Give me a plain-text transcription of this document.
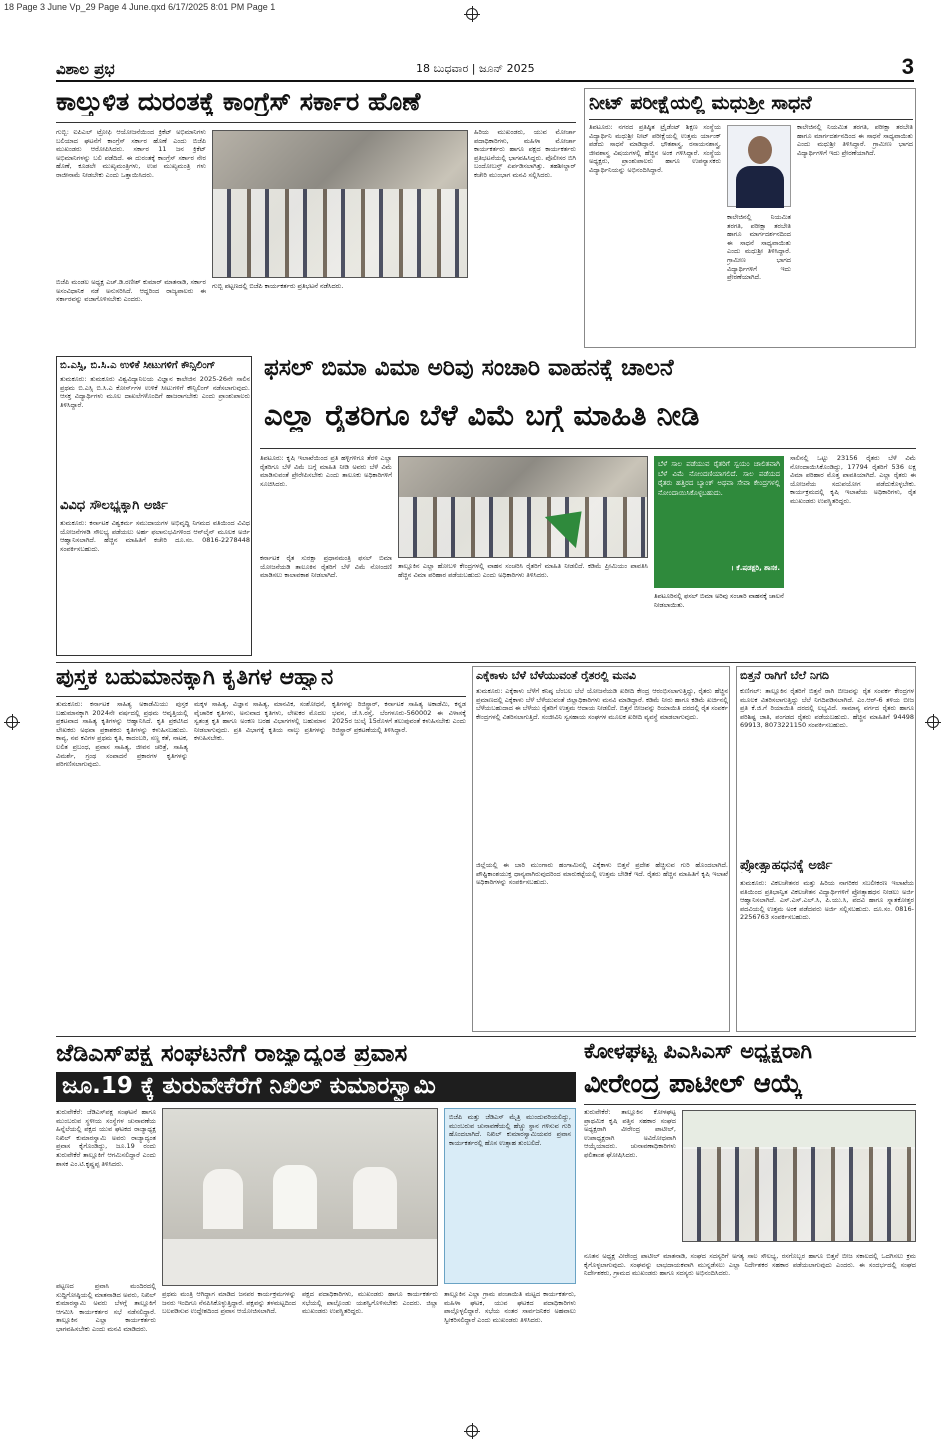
18 Page 3 June Vp_29 Page 4 June.qxd 6/17/2025 8:01 PM Page 1
ವಿಶಾಲ ಪ್ರಭ	18 ಬುಧವಾರ | ಜೂನ್ 2025	3
ಕಾಲ್ತುಳಿತ ದುರಂತಕ್ಕೆ ಕಾಂಗ್ರೆಸ್ ಸರ್ಕಾರ ಹೊಣೆ
ಗುಬ್ಬಿ: ಐಪಿಎಲ್ ಟ್ರೋಫಿ ಆಯೋಜನೆಯಿಂದ ಕ್ರಿಕೆಟ್ ಅಭಿಮಾನಿಗಳು ಬಲಿಯಾದ ಘಟನೆಗೆ ಕಾಂಗ್ರೆಸ್ ಸರ್ಕಾರ ಹೊಣೆ ಎಂದು ಬಿಜೆಪಿ ಮುಖಂಡರು ಆರೋಪಿಸಿದರು. ಸರ್ಕಾರ 11 ಜನ ಕ್ರಿಕೆಟ್ ಅಭಿಮಾನಿಗಳನ್ನು ಬಲಿ ಪಡೆದಿದೆ. ಈ ದುರಂತಕ್ಕೆ ಕಾಂಗ್ರೆಸ್ ಸರ್ಕಾರ ನೇರ ಹೊಣೆ, ಕೂಡಲೇ ಮುಖ್ಯಮಂತ್ರಿಗಳು, ಉಪ ಮುಖ್ಯಮಂತ್ರಿ ಗಳು ರಾಜೀನಾಮೆ ನೀಡಬೇಕು ಎಂದು ಒತ್ತಾಯಿಸಿದರು.
ಬಿಜೆಪಿ ಮಂಡಲ ಅಧ್ಯಕ್ಷ ಎಚ್.ಡಿ.ರಣೀಶ್ ಕುಮಾರ್ ಮಾತನಾಡಿ, ಸರ್ಕಾರ ಅಸಂವಿಧಾನಿಕ ನಡೆ ಅನುಸರಿಸಿದೆ. ಆದ್ದರಿಂದ ರಾಜ್ಯಪಾಲರು ಈ ಸರ್ಕಾರವನ್ನು ವಜಾಗೊಳಿಸಬೇಕು ಎಂದರು.
ಗುಬ್ಬಿ ಪಟ್ಟಣದಲ್ಲಿ ಬಿಜೆಪಿ ಕಾರ್ಯಕರ್ತರು ಪ್ರತಿಭಟನೆ ನಡೆಸಿದರು.
ಹಿರಿಯ ಮುಖಂಡರು, ಯುವ ಮೋರ್ಚಾ ಪದಾಧಿಕಾರಿಗಳು, ಮಹಿಳಾ ಮೋರ್ಚಾ ಕಾರ್ಯಕರ್ತರು ಹಾಗೂ ಪಕ್ಷದ ಕಾರ್ಯಕರ್ತರು ಪ್ರತಿಭಟನೆಯಲ್ಲಿ ಭಾಗವಹಿಸಿದ್ದರು. ಪೊಲೀಸರ ಬಿಗಿ ಬಂದೋಬಸ್ತ್ ಏರ್ಪಡಿಸಲಾಗಿತ್ತು. ತಹಶೀಲ್ದಾರ್ ಕಚೇರಿ ಮುಂಭಾಗ ಮನವಿ ಸಲ್ಲಿಸಿದರು.
ನೀಟ್ ಪರೀಕ್ಷೆಯಲ್ಲಿ ಮಧುಶ್ರೀ ಸಾಧನೆ
ತಿಪಟೂರು: ನಗರದ ಪ್ರತಿಷ್ಠಿತ ಟ್ರೈಡೆಂಟ್ ಶಿಕ್ಷಣ ಸಂಸ್ಥೆಯ ವಿದ್ಯಾರ್ಥಿನಿ ಮಧುಶ್ರೀ ನೀಟ್ ಪರೀಕ್ಷೆಯಲ್ಲಿ ಉತ್ತಮ ರ್ಯಾಂಕ್ ಪಡೆದು ಸಾಧನೆ ಮಾಡಿದ್ದಾರೆ. ಭೌತಶಾಸ್ತ್ರ, ರಸಾಯನಶಾಸ್ತ್ರ, ಜೀವಶಾಸ್ತ್ರ ವಿಷಯಗಳಲ್ಲಿ ಹೆಚ್ಚಿನ ಅಂಕ ಗಳಿಸಿದ್ದಾರೆ. ಸಂಸ್ಥೆಯ ಅಧ್ಯಕ್ಷರು, ಪ್ರಾಂಶುಪಾಲರು ಹಾಗೂ ಉಪನ್ಯಾಸಕರು ವಿದ್ಯಾರ್ಥಿನಿಯನ್ನು ಅಭಿನಂದಿಸಿದ್ದಾರೆ.
ಕಾಲೇಜಿನಲ್ಲಿ ನಿಯಮಿತ ತರಗತಿ, ಪರೀಕ್ಷಾ ತರಬೇತಿ ಹಾಗೂ ಮಾರ್ಗದರ್ಶನದಿಂದ ಈ ಸಾಧನೆ ಸಾಧ್ಯವಾಯಿತು ಎಂದು ಮಧುಶ್ರೀ ತಿಳಿಸಿದ್ದಾರೆ. ಗ್ರಾಮೀಣ ಭಾಗದ ವಿದ್ಯಾರ್ಥಿಗಳಿಗೆ ಇದು ಪ್ರೇರಣೆಯಾಗಿದೆ.
ಕಾಲೇಜಿನಲ್ಲಿ ನಿಯಮಿತ ತರಗತಿ, ಪರೀಕ್ಷಾ ತರಬೇತಿ ಹಾಗೂ ಮಾರ್ಗದರ್ಶನದಿಂದ ಈ ಸಾಧನೆ ಸಾಧ್ಯವಾಯಿತು ಎಂದು ಮಧುಶ್ರೀ ತಿಳಿಸಿದ್ದಾರೆ. ಗ್ರಾಮೀಣ ಭಾಗದ ವಿದ್ಯಾರ್ಥಿಗಳಿಗೆ ಇದು ಪ್ರೇರಣೆಯಾಗಿದೆ.
ಬಿ.ಎಸ್ಸಿ, ಬಿ.ಸಿ.ಎ ಉಳಿಕೆ ಸೀಟುಗಳಿಗೆ ಕೌನ್ಸಿಲಿಂಗ್
ತುಮಕೂರು: ತುಮಕೂರು ವಿಶ್ವವಿದ್ಯಾನಿಲಯ ವಿಜ್ಞಾನ ಕಾಲೇಜಿನ 2025-26ನೇ ಸಾಲಿನ ಪ್ರಥಮ ಬಿ.ಎಸ್ಸಿ ಬಿ.ಸಿ.ಎ ಕೋರ್ಸ್‌ಗಳ ಉಳಿಕೆ ಸೀಟುಗಳಿಗೆ ಕೌನ್ಸಿಲಿಂಗ್ ನಡೆಸಲಾಗುವುದು. ಆಸಕ್ತ ವಿದ್ಯಾರ್ಥಿಗಳು ಮೂಲ ದಾಖಲೆಗಳೊಂದಿಗೆ ಹಾಜರಾಗಬೇಕು ಎಂದು ಪ್ರಾಂಶುಪಾಲರು ತಿಳಿಸಿದ್ದಾರೆ.
ವಿವಿಧ ಸೌಲಭ್ಯಕ್ಕಾಗಿ ಅರ್ಜಿ
ತುಮಕೂರು: ಕರ್ನಾಟಕ ವಿಶ್ವಕರ್ಮ ಸಮುದಾಯಗಳ ಅಭಿವೃದ್ಧಿ ನಿಗಮದ ವತಿಯಿಂದ ವಿವಿಧ ಯೋಜನೆಗಳಡಿ ಸೌಲಭ್ಯ ಪಡೆಯಲು ಅರ್ಹ ಫಲಾನುಭವಿಗಳಿಂದ ಆನ್‌ಲೈನ್ ಮೂಲಕ ಅರ್ಜಿ ಆಹ್ವಾನಿಸಲಾಗಿದೆ. ಹೆಚ್ಚಿನ ಮಾಹಿತಿಗೆ ಕಚೇರಿ ದೂ.ಸಂ. 0816-2278448 ಸಂಪರ್ಕಿಸಬಹುದು.
ಫಸಲ್ ಬಿಮಾ ವಿಮಾ ಅರಿವು ಸಂಚಾರಿ ವಾಹನಕ್ಕೆ ಚಾಲನೆ
ಎಲ್ಲಾ ರೈತರಿಗೂ ಬೆಳೆ ವಿಮೆ ಬಗ್ಗೆ ಮಾಹಿತಿ ನೀಡಿ
ತಿಪಟೂರು: ಕೃಷಿ ಇಲಾಖೆಯಿಂದ ಪ್ರತಿ ಹಳ್ಳಿಗಳಿಗೂ ತೆರಳಿ ಎಲ್ಲಾ ರೈತರಿಗೂ ಬೆಳೆ ವಿಮೆ ಬಗ್ಗೆ ಮಾಹಿತಿ ನೀಡಿ ಅವರು ಬೆಳೆ ವಿಮೆ ಮಾಡಿಸುವಂತೆ ಪ್ರೇರೇಪಿಸಬೇಕು ಎಂದು ತಾಲೂಕು ಅಧಿಕಾರಿಗಳಿಗೆ ಸೂಚಿಸಿದರು.
ಕರ್ನಾಟಕ ರೈತ ಸುರಕ್ಷಾ ಪ್ರಧಾನಮಂತ್ರಿ ಫಸಲ್ ಬಿಮಾ ಯೋಜನೆಯಡಿ ತಾಲೂಕಿನ ರೈತರಿಗೆ ಬೆಳೆ ವಿಮೆ ನೋಂದಣಿ ಮಾಡಿಸಲು ಕಾಲಾವಕಾಶ ನೀಡಲಾಗಿದೆ.
ತಾಲ್ಲೂಕಿನ ಎಲ್ಲಾ ಹೋಬಳಿ ಕೇಂದ್ರಗಳಲ್ಲಿ ವಾಹನ ಸಂಚರಿಸಿ ರೈತರಿಗೆ ಮಾಹಿತಿ ನೀಡಲಿದೆ. ಕಡಿಮೆ ಪ್ರೀಮಿಯಂ ಪಾವತಿಸಿ ಹೆಚ್ಚಿನ ವಿಮಾ ಪರಿಹಾರ ಪಡೆಯಬಹುದು ಎಂದು ಅಧಿಕಾರಿಗಳು ತಿಳಿಸಿದರು.
ಬೆಳೆ ಸಾಲ ಪಡೆಯುವ ರೈತರಿಗೆ ಸ್ವಯಂ ಚಾಲಿತವಾಗಿ ಬೆಳೆ ವಿಮೆ ನೋಂದಣಿಯಾಗಲಿದೆ. ಸಾಲ ಪಡೆಯದ ರೈತರು ಹತ್ತಿರದ ಬ್ಯಾಂಕ್ ಅಥವಾ ಸೇವಾ ಕೇಂದ್ರಗಳಲ್ಲಿ ನೋಂದಾಯಿಸಿಕೊಳ್ಳಬಹುದು.
। ಕೆ.ಷಡಕ್ಷರಿ, ಶಾಸಕ.
ತಿಪಟೂರಿನಲ್ಲಿ ಫಸಲ್ ಬಿಮಾ ಅರಿವು ಸಂಚಾರಿ ವಾಹನಕ್ಕೆ ಚಾಲನೆ ನೀಡಲಾಯಿತು.
ಸಾಲಿನಲ್ಲಿ ಒಟ್ಟು 23156 ರೈತರು ಬೆಳೆ ವಿಮೆ ನೋಂದಾಯಿಸಿಕೊಂಡಿದ್ದು, 17794 ರೈತರಿಗೆ 536 ಲಕ್ಷ ವಿಮಾ ಪರಿಹಾರ ಮೊತ್ತ ಪಾವತಿಯಾಗಿದೆ. ಎಲ್ಲಾ ರೈತರು ಈ ಯೋಜನೆಯ ಸದುಪಯೋಗ ಪಡೆದುಕೊಳ್ಳಬೇಕು. ಕಾರ್ಯಕ್ರಮದಲ್ಲಿ ಕೃಷಿ ಇಲಾಖೆಯ ಅಧಿಕಾರಿಗಳು, ರೈತ ಮುಖಂಡರು ಉಪಸ್ಥಿತರಿದ್ದರು.
ಪುಸ್ತಕ ಬಹುಮಾನಕ್ಕಾಗಿ ಕೃತಿಗಳ ಆಹ್ವಾನ
ತುಮಕೂರು: ಕರ್ನಾಟಕ ಸಾಹಿತ್ಯ ಅಕಾಡೆಮಿಯು ಪುಸ್ತಕ ಬಹುಮಾನಕ್ಕಾಗಿ 2024ನೇ ವರ್ಷದಲ್ಲಿ ಪ್ರಥಮ ಆವೃತ್ತಿಯಲ್ಲಿ ಪ್ರಕಟವಾದ ಸಾಹಿತ್ಯ ಕೃತಿಗಳನ್ನು ಆಹ್ವಾನಿಸಿದೆ. ಕೃತಿ ಪ್ರಕಟಿಸಿದ ಲೇಖಕರು ಅಥವಾ ಪ್ರಕಾಶಕರು ಕೃತಿಗಳನ್ನು ಕಳುಹಿಸಬಹುದು. ಕಾವ್ಯ, ನವ ಕವಿಗಳ ಪ್ರಥಮ ಕೃತಿ, ಕಾದಂಬರಿ, ಸಣ್ಣ ಕತೆ, ನಾಟಕ, ಲಲಿತ ಪ್ರಬಂಧ, ಪ್ರವಾಸ ಸಾಹಿತ್ಯ, ಜೀವನ ಚರಿತ್ರೆ, ಸಾಹಿತ್ಯ ವಿಮರ್ಶೆ, ಗ್ರಂಥ ಸಂಪಾದನೆ ಪ್ರಕಾರಗಳ ಕೃತಿಗಳನ್ನು ಪರಿಗಣಿಸಲಾಗುವುದು.
ಮಕ್ಕಳ ಸಾಹಿತ್ಯ, ವಿಜ್ಞಾನ ಸಾಹಿತ್ಯ, ಮಾನವಿಕ, ಸಂಶೋಧನೆ, ವೈಚಾರಿಕ ಕೃತಿಗಳು, ಅನುವಾದ ಕೃತಿಗಳು, ಲೇಖಕರ ಮೊದಲ ಸ್ವತಂತ್ರ ಕೃತಿ ಹಾಗೂ ಅಂಕಣ ಬರಹ ವಿಭಾಗಗಳಲ್ಲಿ ಬಹುಮಾನ ನೀಡಲಾಗುವುದು. ಪ್ರತಿ ವಿಭಾಗಕ್ಕೆ ಕೃತಿಯ ನಾಲ್ಕು ಪ್ರತಿಗಳನ್ನು ಕಳುಹಿಸಬೇಕು.
ಕೃತಿಗಳನ್ನು ರಿಜಿಸ್ಟ್ರಾರ್, ಕರ್ನಾಟಕ ಸಾಹಿತ್ಯ ಅಕಾಡೆಮಿ, ಕನ್ನಡ ಭವನ, ಜೆ.ಸಿ.ರಸ್ತೆ, ಬೆಂಗಳೂರು-560002 ಈ ವಿಳಾಸಕ್ಕೆ 2025ರ ಜುಲೈ 15ರೊಳಗೆ ತಲುಪುವಂತೆ ಕಳುಹಿಸಬೇಕು ಎಂದು ರಿಜಿಸ್ಟ್ರಾರ್ ಪ್ರಕಟಣೆಯಲ್ಲಿ ತಿಳಿಸಿದ್ದಾರೆ.
ಎಕ್ಕೆಕಾಳು ಬೆಳೆ ಬೆಳೆಯುವಂತೆ ರೈತರಲ್ಲಿ ಮನವಿ
ತುಮಕೂರು: ಎಕ್ಕೆಕಾಳು ಬೆಳೆಗೆ ಕನಿಷ್ಠ ಬೆಂಬಲ ಬೆಲೆ ಯೋಜನೆಯಡಿ ಖರೀದಿ ಕೇಂದ್ರ ಆರಂಭಿಸಲಾಗುತ್ತಿದ್ದು, ರೈತರು ಹೆಚ್ಚಿನ ಪ್ರಮಾಣದಲ್ಲಿ ಎಕ್ಕೆಕಾಳು ಬೆಳೆ ಬೆಳೆಯುವಂತೆ ಜಿಲ್ಲಾಧಿಕಾರಿಗಳು ಮನವಿ ಮಾಡಿದ್ದಾರೆ. ಕಡಿಮೆ ನೀರು ಹಾಗೂ ಕಡಿಮೆ ಖರ್ಚಿನಲ್ಲಿ ಬೆಳೆಯಬಹುದಾದ ಈ ಬೆಳೆಯು ರೈತರಿಗೆ ಉತ್ತಮ ಆದಾಯ ನೀಡಲಿದೆ. ಬಿತ್ತನೆ ಬೀಜವನ್ನು ರಿಯಾಯಿತಿ ದರದಲ್ಲಿ ರೈತ ಸಂಪರ್ಕ ಕೇಂದ್ರಗಳಲ್ಲಿ ವಿತರಿಸಲಾಗುತ್ತಿದೆ. ಸಂಜೀವಿನಿ ಸ್ವಸಹಾಯ ಸಂಘಗಳ ಮೂಲಕ ಖರೀದಿ ವ್ಯವಸ್ಥೆ ಮಾಡಲಾಗುವುದು.
ಜಿಲ್ಲೆಯಲ್ಲಿ ಈ ಬಾರಿ ಮುಂಗಾರು ಹಂಗಾಮಿನಲ್ಲಿ ಎಕ್ಕೆಕಾಳು ಬಿತ್ತನೆ ಪ್ರದೇಶ ಹೆಚ್ಚಿಸುವ ಗುರಿ ಹೊಂದಲಾಗಿದೆ. ಪೌಷ್ಟಿಕಾಂಶಯುಕ್ತ ಧಾನ್ಯವಾಗಿರುವುದರಿಂದ ಮಾರುಕಟ್ಟೆಯಲ್ಲಿ ಉತ್ತಮ ಬೇಡಿಕೆ ಇದೆ. ರೈತರು ಹೆಚ್ಚಿನ ಮಾಹಿತಿಗೆ ಕೃಷಿ ಇಲಾಖೆ ಅಧಿಕಾರಿಗಳನ್ನು ಸಂಪರ್ಕಿಸಬಹುದು.
ಬಿತ್ತನೆ ರಾಗಿಗೆ ಬೆಲೆ ನಿಗದಿ
ಕುಣಿಗಲ್: ತಾಲ್ಲೂಕಿನ ರೈತರಿಗೆ ಬಿತ್ತನೆ ರಾಗಿ ಬೀಜವನ್ನು ರೈತ ಸಂಪರ್ಕ ಕೇಂದ್ರಗಳ ಮೂಲಕ ವಿತರಿಸಲಾಗುತ್ತಿದ್ದು ಬೆಲೆ ನಿಗದಿಪಡಿಸಲಾಗಿದೆ. ಎಂ.ಆರ್-6 ತಳಿಯ ಬೀಜ ಪ್ರತಿ ಕೆ.ಜಿ.ಗೆ ರಿಯಾಯಿತಿ ದರದಲ್ಲಿ ಲಭ್ಯವಿದೆ. ಸಾಮಾನ್ಯ ವರ್ಗದ ರೈತರು ಹಾಗೂ ಪರಿಶಿಷ್ಟ ಜಾತಿ, ಪಂಗಡದ ರೈತರು ಪಡೆಯಬಹುದು. ಹೆಚ್ಚಿನ ಮಾಹಿತಿಗೆ 94498 69913, 8073221150 ಸಂಪರ್ಕಿಸಬಹುದು.
ಪ್ರೋತ್ಸಾಹಧನಕ್ಕೆ ಅರ್ಜಿ
ತುಮಕೂರು: ವಿಕಲಚೇತನರ ಮತ್ತು ಹಿರಿಯ ನಾಗರಿಕರ ಸಬಲೀಕರಣ ಇಲಾಖೆಯ ವತಿಯಿಂದ ಪ್ರತಿಭಾನ್ವಿತ ವಿಕಲಚೇತನ ವಿದ್ಯಾರ್ಥಿಗಳಿಗೆ ಪ್ರೋತ್ಸಾಹಧನ ನೀಡಲು ಅರ್ಜಿ ಆಹ್ವಾನಿಸಲಾಗಿದೆ. ಎಸ್.ಎಸ್.ಎಲ್.ಸಿ, ಪಿ.ಯು.ಸಿ, ಪದವಿ ಹಾಗೂ ಸ್ನಾತಕೋತ್ತರ ಪದವಿಯಲ್ಲಿ ಉತ್ತಮ ಅಂಕ ಪಡೆದವರು ಅರ್ಜಿ ಸಲ್ಲಿಸಬಹುದು. ದೂ.ಸಂ. 0816-2256763 ಸಂಪರ್ಕಿಸಬಹುದು.
ಜೆಡಿಎಸ್‌ಪಕ್ಷ ಸಂಘಟನೆಗೆ ರಾಜ್ಯಾದ್ಯಂತ ಪ್ರವಾಸ
ಜೂ.19 ಕ್ಕೆ ತುರುವೇಕೆರೆಗೆ ನಿಖಿಲ್ ಕುಮಾರಸ್ವಾಮಿ
ತುರುವೇಕೆರೆ: ಜೆಡಿಎಸ್‌ಪಕ್ಷ ಸಂಘಟನೆ ಹಾಗೂ ಮುಂಬರುವ ಸ್ಥಳೀಯ ಸಂಸ್ಥೆಗಳ ಚುನಾವಣೆಯ ಹಿನ್ನೆಲೆಯಲ್ಲಿ ಪಕ್ಷದ ಯುವ ಘಟಕದ ರಾಜ್ಯಾಧ್ಯಕ್ಷ ನಿಖಿಲ್ ಕುಮಾರಸ್ವಾಮಿ ಅವರು ರಾಜ್ಯಾದ್ಯಂತ ಪ್ರವಾಸ ಕೈಗೊಂಡಿದ್ದು, ಜೂ.19 ರಂದು ತುರುವೇಕೆರೆ ತಾಲ್ಲೂಕಿಗೆ ಆಗಮಿಸಲಿದ್ದಾರೆ ಎಂದು ಶಾಸಕ ಎಂ.ಟಿ.ಕೃಷ್ಣಪ್ಪ ತಿಳಿಸಿದರು.
ಪಟ್ಟಣದ ಪ್ರವಾಸಿ ಮಂದಿರದಲ್ಲಿ ಸುದ್ದಿಗೋಷ್ಠಿಯಲ್ಲಿ ಮಾತನಾಡಿದ ಅವರು, ನಿಖಿಲ್ ಕುಮಾರಸ್ವಾಮಿ ಅವರು ಬೆಳಗ್ಗೆ ತಾಲ್ಲೂಕಿಗೆ ಆಗಮಿಸಿ ಕಾರ್ಯಕರ್ತರ ಸಭೆ ನಡೆಸಲಿದ್ದಾರೆ. ತಾಲ್ಲೂಕಿನ ಎಲ್ಲಾ ಕಾರ್ಯಕರ್ತರು ಭಾಗವಹಿಸಬೇಕು ಎಂದು ಮನವಿ ಮಾಡಿದರು.
ಪ್ರಥಮ ಮಂತ್ರಿ ಆಗಿದ್ದಾಗ ಮಾಡಿದ ಜನಪರ ಕಾರ್ಯಕ್ರಮಗಳನ್ನು ಜನರು ಇಂದಿಗೂ ನೆನಪಿಸಿಕೊಳ್ಳುತ್ತಿದ್ದಾರೆ. ಪಕ್ಷವನ್ನು ತಳಮಟ್ಟದಿಂದ ಬಲಪಡಿಸುವ ಉದ್ದೇಶದಿಂದ ಪ್ರವಾಸ ಆಯೋಜಿಸಲಾಗಿದೆ.
ಪಕ್ಷದ ಪದಾಧಿಕಾರಿಗಳು, ಮುಖಂಡರು ಹಾಗೂ ಕಾರ್ಯಕರ್ತರು ಸಭೆಯಲ್ಲಿ ಪಾಲ್ಗೊಂಡು ಯಶಸ್ವಿಗೊಳಿಸಬೇಕು ಎಂದರು. ಜಿಲ್ಲಾ ಮುಖಂಡರು ಉಪಸ್ಥಿತರಿದ್ದರು.
ಬಿಜೆಪಿ ಮತ್ತು ಜೆಡಿಎಸ್ ಮೈತ್ರಿ ಮುಂದುವರಿಯಲಿದ್ದು, ಮುಂಬರುವ ಚುನಾವಣೆಯಲ್ಲಿ ಹೆಚ್ಚು ಸ್ಥಾನ ಗಳಿಸುವ ಗುರಿ ಹೊಂದಲಾಗಿದೆ. ನಿಖಿಲ್ ಕುಮಾರಸ್ವಾಮಿಯವರ ಪ್ರವಾಸ ಕಾರ್ಯಕರ್ತರಲ್ಲಿ ಹೊಸ ಉತ್ಸಾಹ ತುಂಬಲಿದೆ.
ತಾಲ್ಲೂಕಿನ ಎಲ್ಲಾ ಗ್ರಾಮ ಪಂಚಾಯಿತಿ ಮಟ್ಟದ ಕಾರ್ಯಕರ್ತರು, ಮಹಿಳಾ ಘಟಕ, ಯುವ ಘಟಕದ ಪದಾಧಿಕಾರಿಗಳು ಪಾಲ್ಗೊಳ್ಳಲಿದ್ದಾರೆ. ಸಭೆಯ ನಂತರ ಸಾರ್ವಜನಿಕರ ಅಹವಾಲು ಸ್ವೀಕರಿಸಲಿದ್ದಾರೆ ಎಂದು ಮುಖಂಡರು ತಿಳಿಸಿದರು.
ಕೋಳಘಟ್ಟ ಪಿಎಸಿಎಸ್ ಅಧ್ಯಕ್ಷರಾಗಿ
ವೀರೇಂದ್ರ ಪಾಟೀಲ್ ಆಯ್ಕೆ
ತುರುವೇಕೆರೆ: ತಾಲ್ಲೂಕಿನ ಕೋಳಘಟ್ಟ ಪ್ರಾಥಮಿಕ ಕೃಷಿ ಪತ್ತಿನ ಸಹಕಾರ ಸಂಘದ ಅಧ್ಯಕ್ಷರಾಗಿ ವೀರೇಂದ್ರ ಪಾಟೀಲ್, ಉಪಾಧ್ಯಕ್ಷರಾಗಿ ಅವಿರೋಧವಾಗಿ ಆಯ್ಕೆಯಾದರು. ಚುನಾವಣಾಧಿಕಾರಿಗಳು ಫಲಿತಾಂಶ ಘೋಷಿಸಿದರು.
ನೂತನ ಅಧ್ಯಕ್ಷ ವೀರೇಂದ್ರ ಪಾಟೀಲ್ ಮಾತನಾಡಿ, ಸಂಘದ ಸದಸ್ಯರಿಗೆ ಅಗತ್ಯ ಸಾಲ ಸೌಲಭ್ಯ, ರಸಗೊಬ್ಬರ ಹಾಗೂ ಬಿತ್ತನೆ ಬೀಜ ಸಕಾಲದಲ್ಲಿ ಒದಗಿಸಲು ಕ್ರಮ ಕೈಗೊಳ್ಳಲಾಗುವುದು. ಸಂಘವನ್ನು ಲಾಭದಾಯಕವಾಗಿ ಮುನ್ನಡೆಸಲು ಎಲ್ಲಾ ನಿರ್ದೇಶಕರ ಸಹಕಾರ ಪಡೆಯಲಾಗುವುದು ಎಂದರು. ಈ ಸಂದರ್ಭದಲ್ಲಿ ಸಂಘದ ನಿರ್ದೇಶಕರು, ಗ್ರಾಮದ ಮುಖಂಡರು ಹಾಗೂ ಸದಸ್ಯರು ಅಭಿನಂದಿಸಿದರು.
